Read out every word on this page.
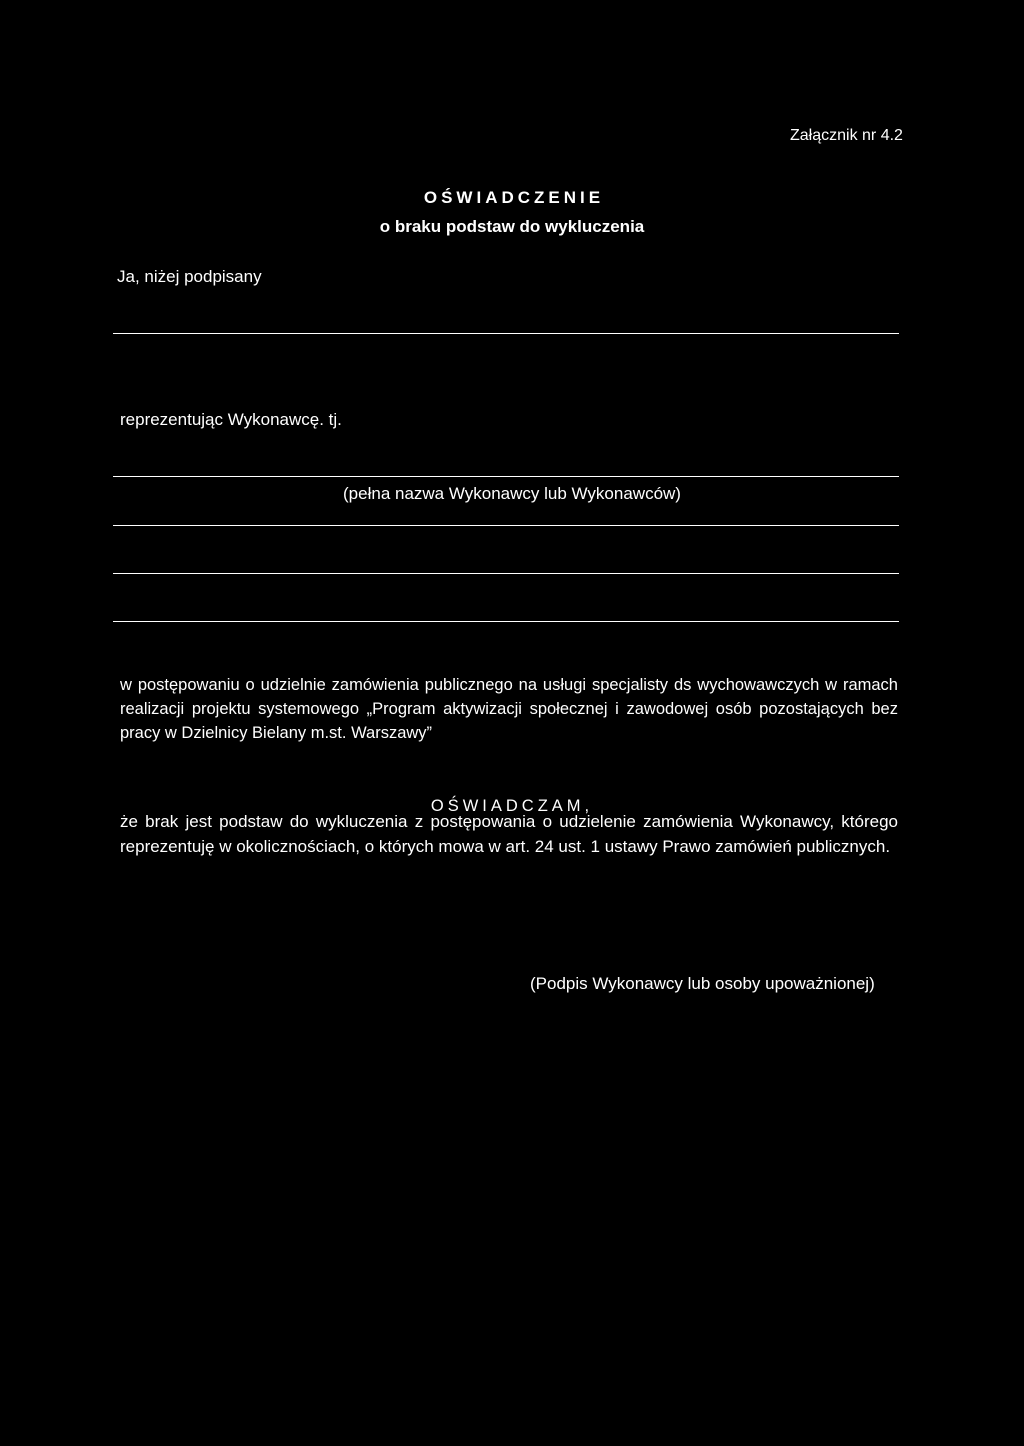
Załącznik nr 4.2
OŚWIADCZENIE
o braku podstaw do wykluczenia
Ja, niżej podpisany
reprezentując Wykonawcę. tj.
(pełna nazwa Wykonawcy lub Wykonawców)
w postępowaniu o udzielnie zamówienia publicznego na usługi specjalisty ds wychowawczych w ramach realizacji projektu systemowego „Program aktywizacji społecznej i zawodowej osób pozostających bez pracy w Dzielnicy Bielany m.st. Warszawy”
OŚWIADCZAM,
że brak jest podstaw do wykluczenia z postępowania o udzielenie zamówienia Wykonawcy, którego reprezentuję w okolicznościach, o których mowa w art. 24 ust. 1 ustawy Prawo zamówień publicznych.
(Podpis Wykonawcy lub osoby upoważnionej)
